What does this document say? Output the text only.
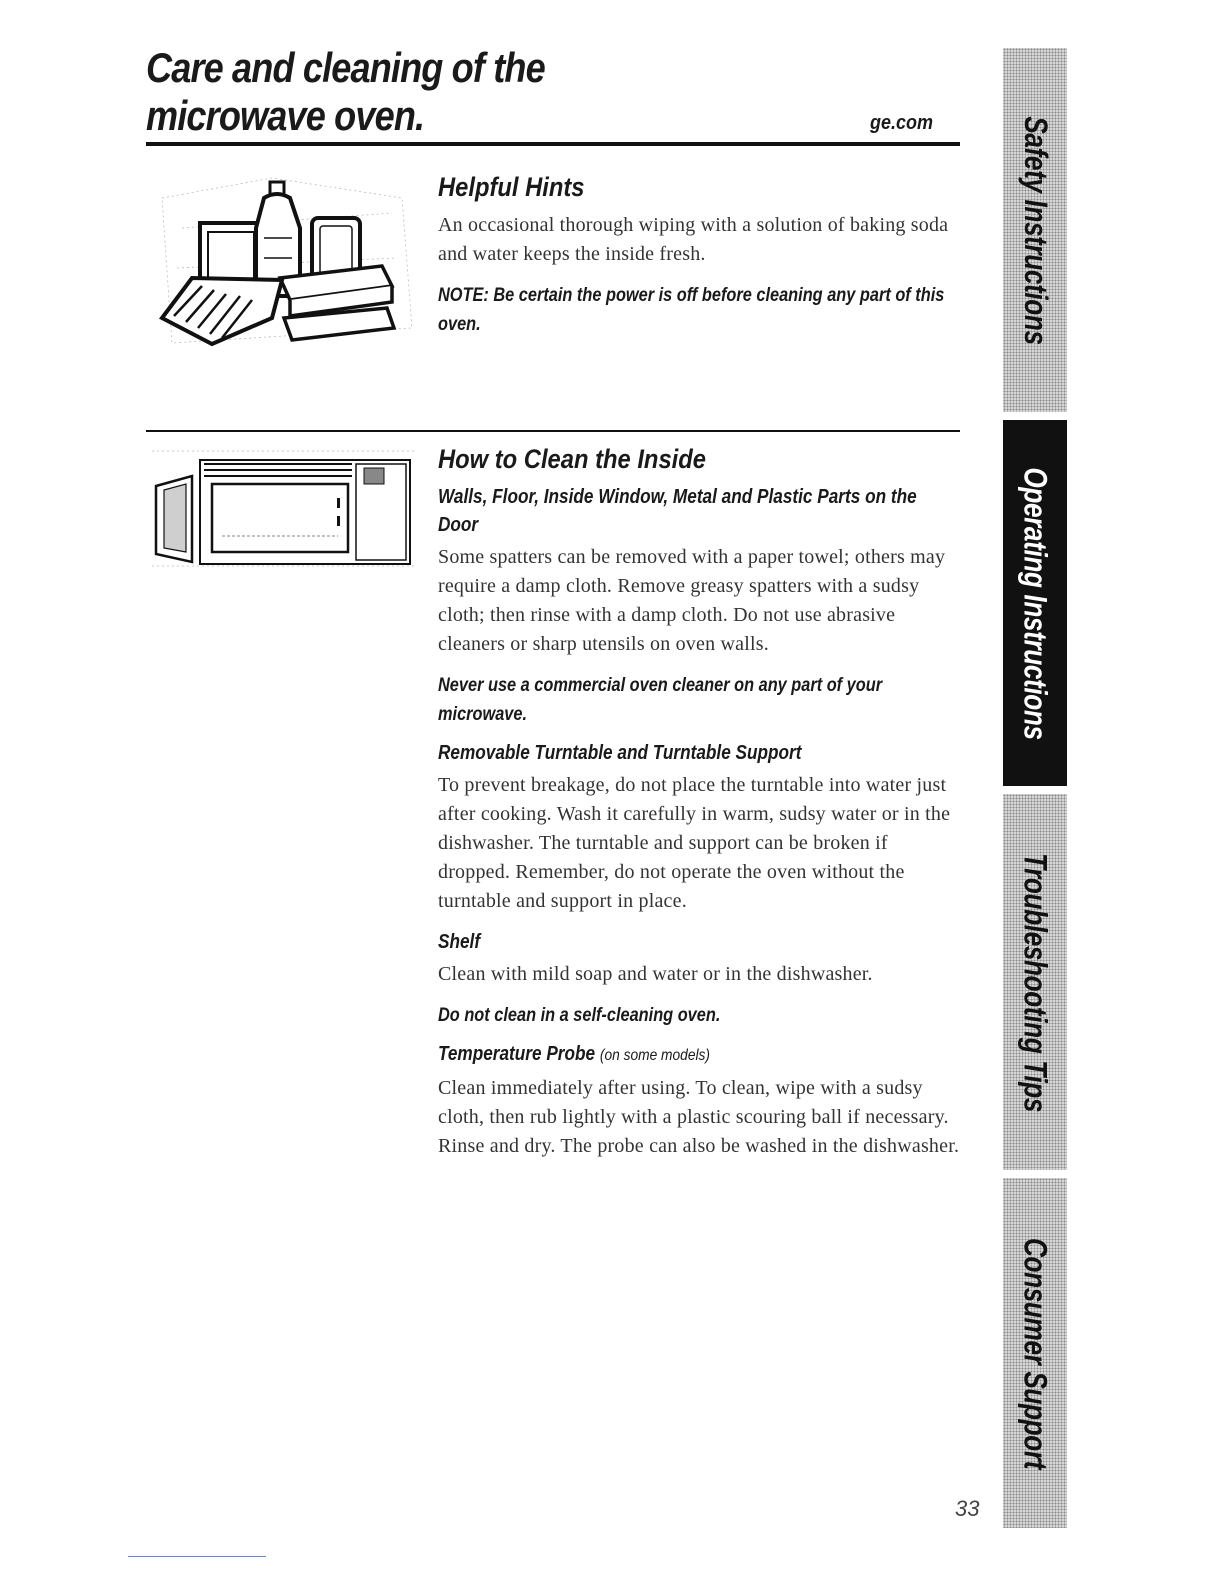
Care and cleaning of the
microwave oven.	ge.com
Helpful Hints

An occasional thorough wiping with a solution of baking soda and water keeps the inside fresh.

NOTE: Be certain the power is off before cleaning any part of this oven.

How to Clean the Inside
Walls, Floor, Inside Window, Metal and Plastic Parts on the Door

Some spatters can be removed with a paper towel; others may require a damp cloth. Remove greasy spatters with a sudsy cloth; then rinse with a damp cloth. Do not use abrasive cleaners or sharp utensils on oven walls.

Never use a commercial oven cleaner on any part of your microwave.

Removable Turntable and Turntable Support

To prevent breakage, do not place the turntable into water just after cooking. Wash it carefully in warm, sudsy water or in the dishwasher. The turntable and support can be broken if dropped. Remember, do not operate the oven without the turntable and support in place.

Shelf

Clean with mild soap and water or in the dishwasher.

Do not clean in a self-cleaning oven.

Temperature Probe (on some models)

Clean immediately after using. To clean, wipe with a sudsy cloth, then rub lightly with a plastic scouring ball if necessary. Rinse and dry. The probe can also be washed in the dishwasher.

Safety Instructions
Operating Instructions
Troubleshooting Tips
Consumer Support
33
